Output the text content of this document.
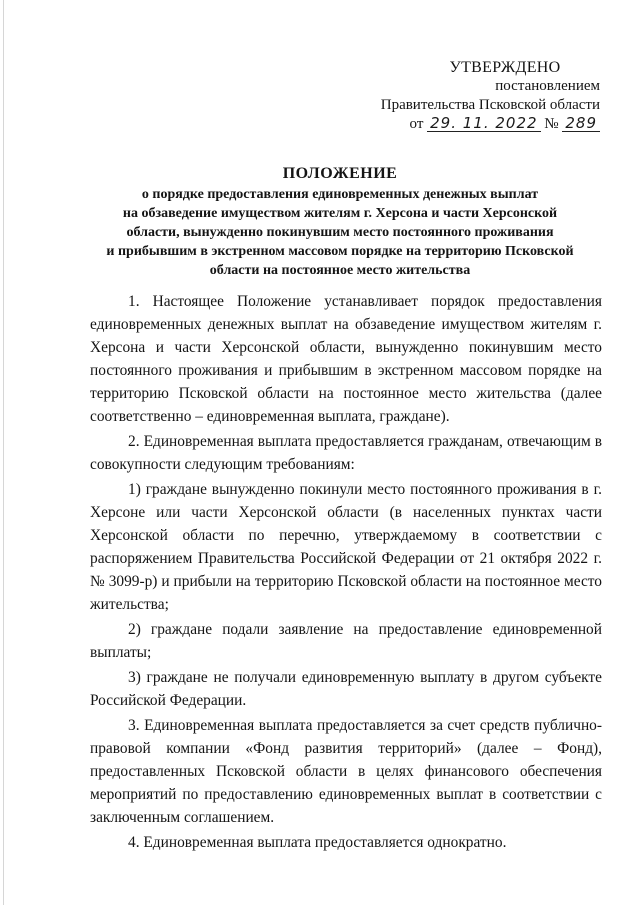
УТВЕРЖДЕНО
постановлением
Правительства Псковской области
от 29. 11. 2022 № 289
ПОЛОЖЕНИЕ
о порядке предоставления единовременных денежных выплат
на обзаведение имуществом жителям г. Херсона и части Херсонской
области, вынужденно покинувшим место постоянного проживания
и прибывшим в экстренном массовом порядке на территорию Псковской
области на постоянное место жительства

1. Настоящее Положение устанавливает порядок предоставления единовременных денежных выплат на обзаведение имуществом жителям г. Херсона и части Херсонской области, вынужденно покинувшим место постоянного проживания и прибывшим в экстренном массовом порядке на территорию Псковской области на постоянное место жительства (далее соответственно – единовременная выплата, граждане).

2. Единовременная выплата предоставляется гражданам, отвечающим в совокупности следующим требованиям:

1) граждане вынужденно покинули место постоянного проживания в г. Херсоне или части Херсонской области (в населенных пунктах части Херсонской области по перечню, утверждаемому в соответствии с распоряжением Правительства Российской Федерации от 21 октября 2022 г. № 3099-р) и прибыли на территорию Псковской области на постоянное место жительства;

2) граждане подали заявление на предоставление единовременной выплаты;

3) граждане не получали единовременную выплату в другом субъекте Российской Федерации.

3. Единовременная выплата предоставляется за счет средств публично-правовой компании «Фонд развития территорий» (далее – Фонд), предоставленных Псковской области в целях финансового обеспечения мероприятий по предоставлению единовременных выплат в соответствии с заключенным соглашением.

4. Единовременная выплата предоставляется однократно.
